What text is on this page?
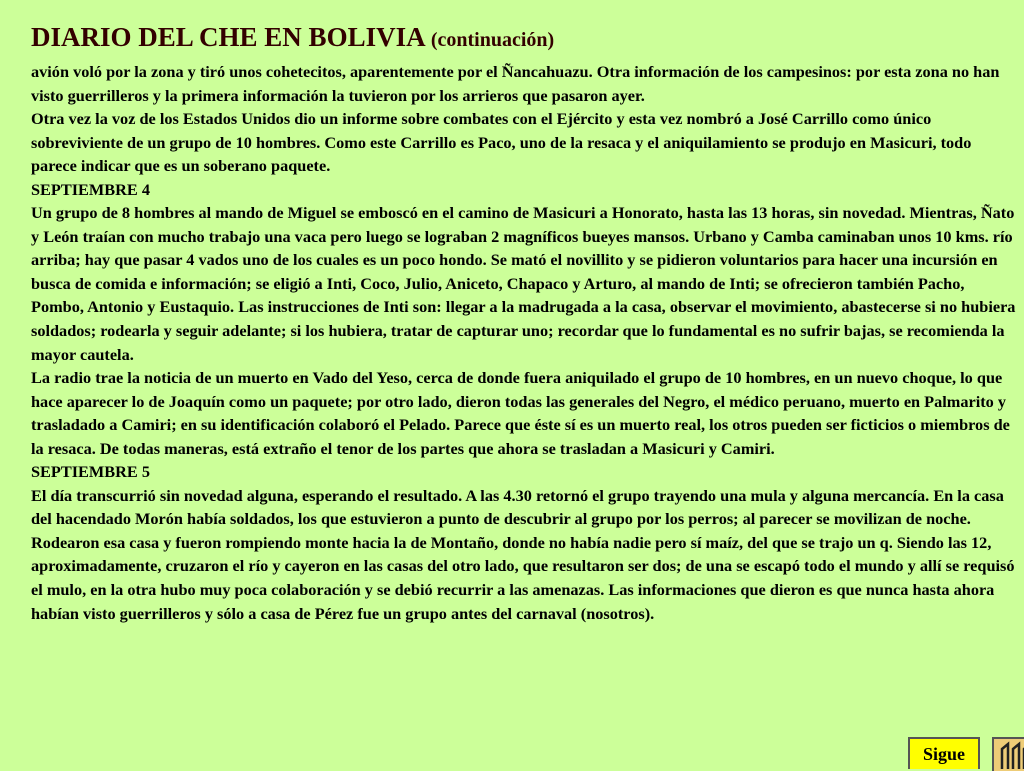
DIARIO DEL CHE EN BOLIVIA (continuación)

avión voló por la zona y tiró unos cohetecitos, aparentemente por el Ñancahuazu. Otra información de los campesinos: por esta zona no han visto guerrilleros y la primera información la tuvieron por los arrieros que pasaron ayer.

Otra vez la voz de los Estados Unidos dio un informe sobre combates con el Ejército y esta vez nombró a José Carrillo como único sobreviviente de un grupo de 10 hombres. Como este Carrillo es Paco, uno de la resaca y el aniquilamiento se produjo en Masicuri, todo parece indicar que es un soberano paquete.

SEPTIEMBRE 4

Un grupo de 8 hombres al mando de Miguel se emboscó en el camino de Masicuri a Honorato, hasta las 13 horas, sin novedad. Mientras, Ñato y León traían con mucho trabajo una vaca pero luego se lograban 2 magníficos bueyes mansos. Urbano y Camba caminaban unos 10 kms. río arriba; hay que pasar 4 vados uno de los cuales es un poco hondo. Se mató el novillito y se pidieron voluntarios para hacer una incursión en busca de comida e información; se eligió a Inti, Coco, Julio, Aniceto, Chapaco y Arturo, al mando de Inti; se ofrecieron también Pacho, Pombo, Antonio y Eustaquio. Las instrucciones de Inti son: llegar a la madrugada a la casa, observar el movimiento, abastecerse si no hubiera soldados; rodearla y seguir adelante; si los hubiera, tratar de capturar uno; recordar que lo fundamental es no sufrir bajas, se recomienda la mayor cautela.

La radio trae la noticia de un muerto en Vado del Yeso, cerca de donde fuera aniquilado el grupo de 10 hombres, en un nuevo choque, lo que hace aparecer lo de Joaquín como un paquete; por otro lado, dieron todas las generales del Negro, el médico peruano, muerto en Palmarito y trasladado a Camiri; en su identificación colaboró el Pelado. Parece que éste sí es un muerto real, los otros pueden ser ficticios o miembros de la resaca. De todas maneras, está extraño el tenor de los partes que ahora se trasladan a Masicuri y Camiri.

SEPTIEMBRE 5

El día transcurrió sin novedad alguna, esperando el resultado. A las 4.30 retornó el grupo trayendo una mula y alguna mercancía. En la casa del hacendado Morón había soldados, los que estuvieron a punto de descubrir al grupo por los perros; al parecer se movilizan de noche. Rodearon esa casa y fueron rompiendo monte hacia la de Montaño, donde no había nadie pero sí maíz, del que se trajo un q. Siendo las 12, aproximadamente, cruzaron el río y cayeron en las casas del otro lado, que resultaron ser dos; de una se escapó todo el mundo y allí se requisó el mulo, en la otra hubo muy poca colaboración y se debió recurrir a las amenazas. Las informaciones que dieron es que nunca hasta ahora habían visto guerrilleros y sólo a casa de Pérez fue un grupo antes del carnaval (nosotros).

Sigue
